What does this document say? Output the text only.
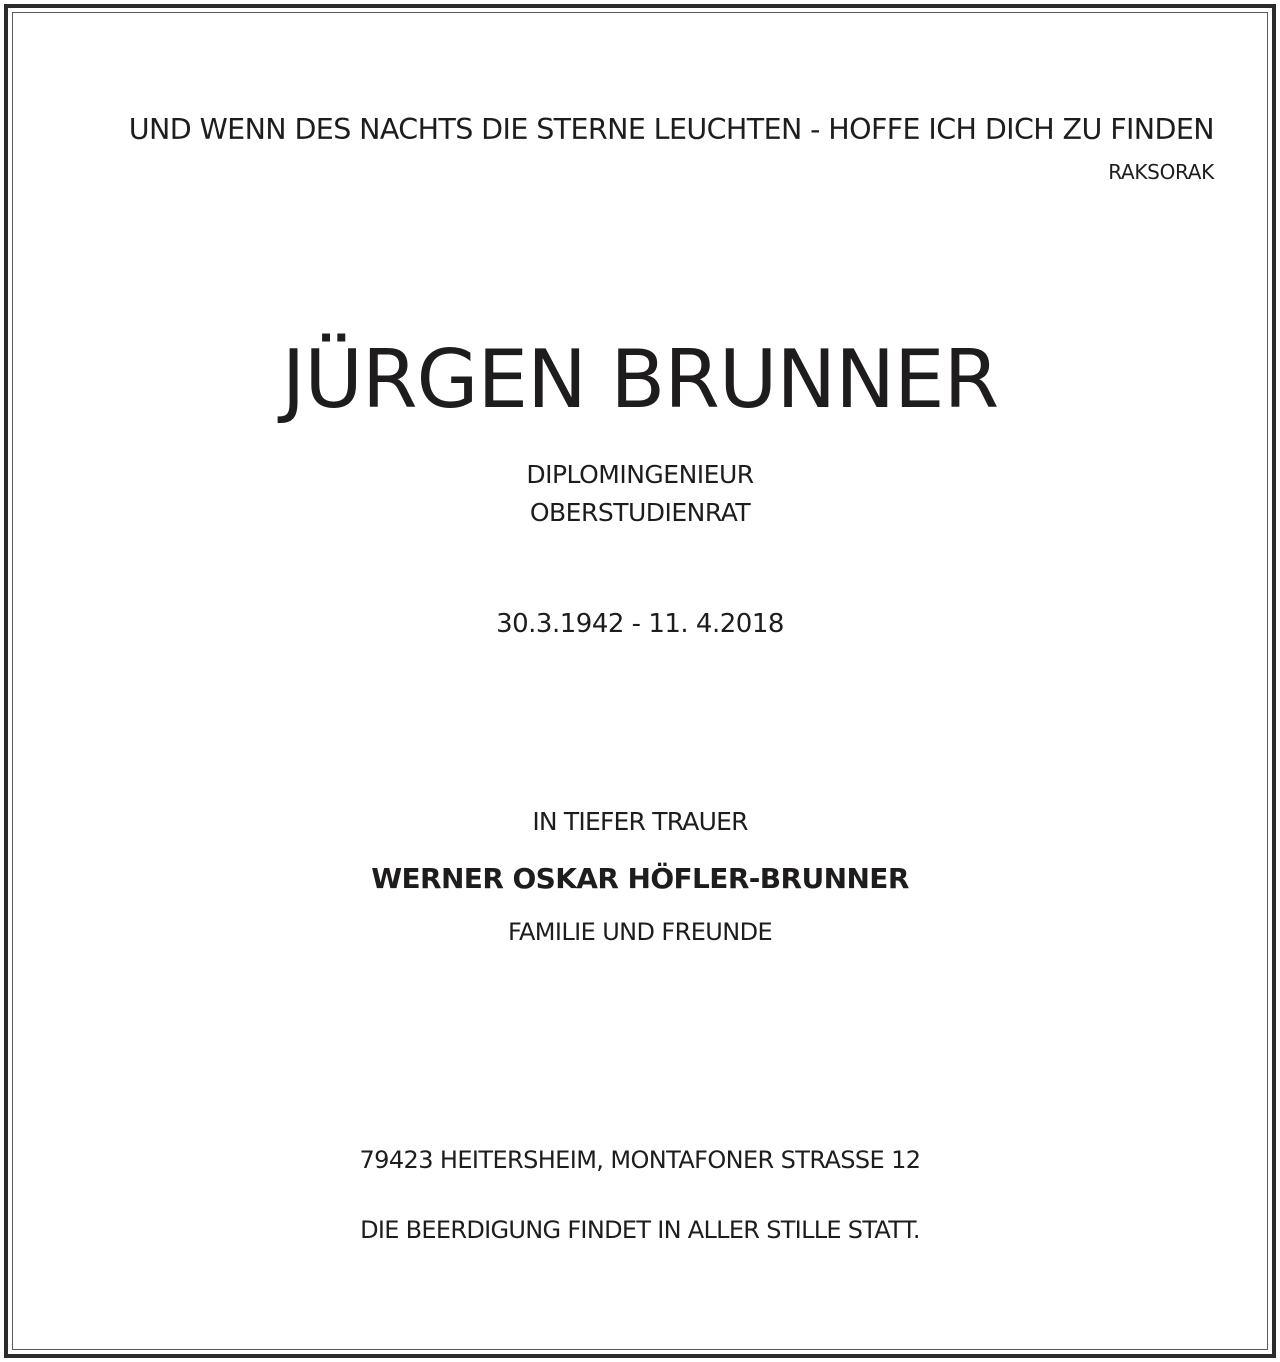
UND WENN DES NACHTS DIE STERNE LEUCHTEN - HOFFE ICH DICH ZU FINDEN
RAKSORAK
JÜRGEN BRUNNER
DIPLOMINGENIEUR
OBERSTUDIENRAT
30.3.1942 - 11. 4.2018
IN TIEFER TRAUER
WERNER OSKAR HÖFLER-BRUNNER
FAMILIE UND FREUNDE
79423 HEITERSHEIM, MONTAFONER STRASSE 12
DIE BEERDIGUNG FINDET IN ALLER STILLE STATT.
